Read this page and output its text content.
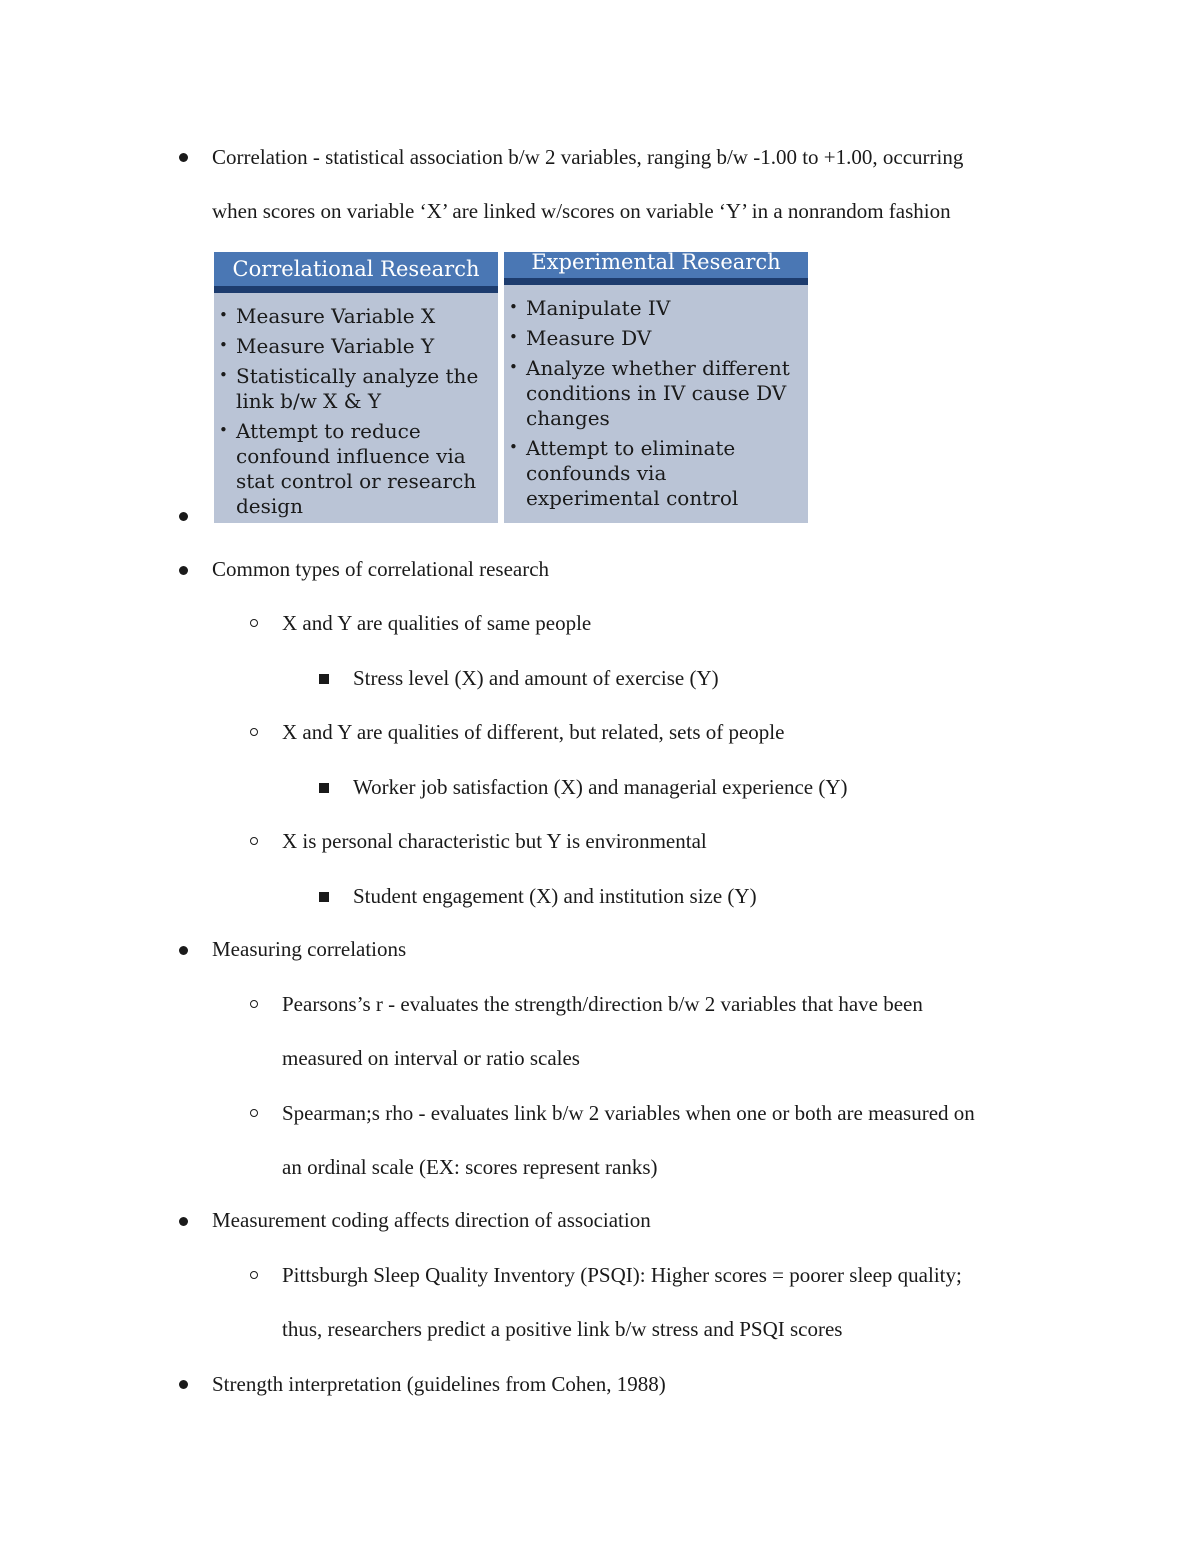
Correlation - statistical association b/w 2 variables, ranging b/w -1.00 to +1.00, occurring
when scores on variable ‘X’ are linked w/scores on variable ‘Y’ in a nonrandom fashion
Correlational Research
• Measure Variable X
• Measure Variable Y
• Statistically analyze the link b/w X & Y
• Attempt to reduce confound influence via stat control or research design
Experimental Research
• Manipulate IV
• Measure DV
• Analyze whether different conditions in IV cause DV changes
• Attempt to eliminate confounds via experimental control
Common types of correlational research
X and Y are qualities of same people
Stress level (X) and amount of exercise (Y)
X and Y are qualities of different, but related, sets of people
Worker job satisfaction (X) and managerial experience (Y)
X is personal characteristic but Y is environmental
Student engagement (X) and institution size (Y)
Measuring correlations
Pearsons’s r - evaluates the strength/direction b/w 2 variables that have been
measured on interval or ratio scales
Spearman;s rho - evaluates link b/w 2 variables when one or both are measured on
an ordinal scale (EX: scores represent ranks)
Measurement coding affects direction of association
Pittsburgh Sleep Quality Inventory (PSQI): Higher scores = poorer sleep quality;
thus, researchers predict a positive link b/w stress and PSQI scores
Strength interpretation (guidelines from Cohen, 1988)
